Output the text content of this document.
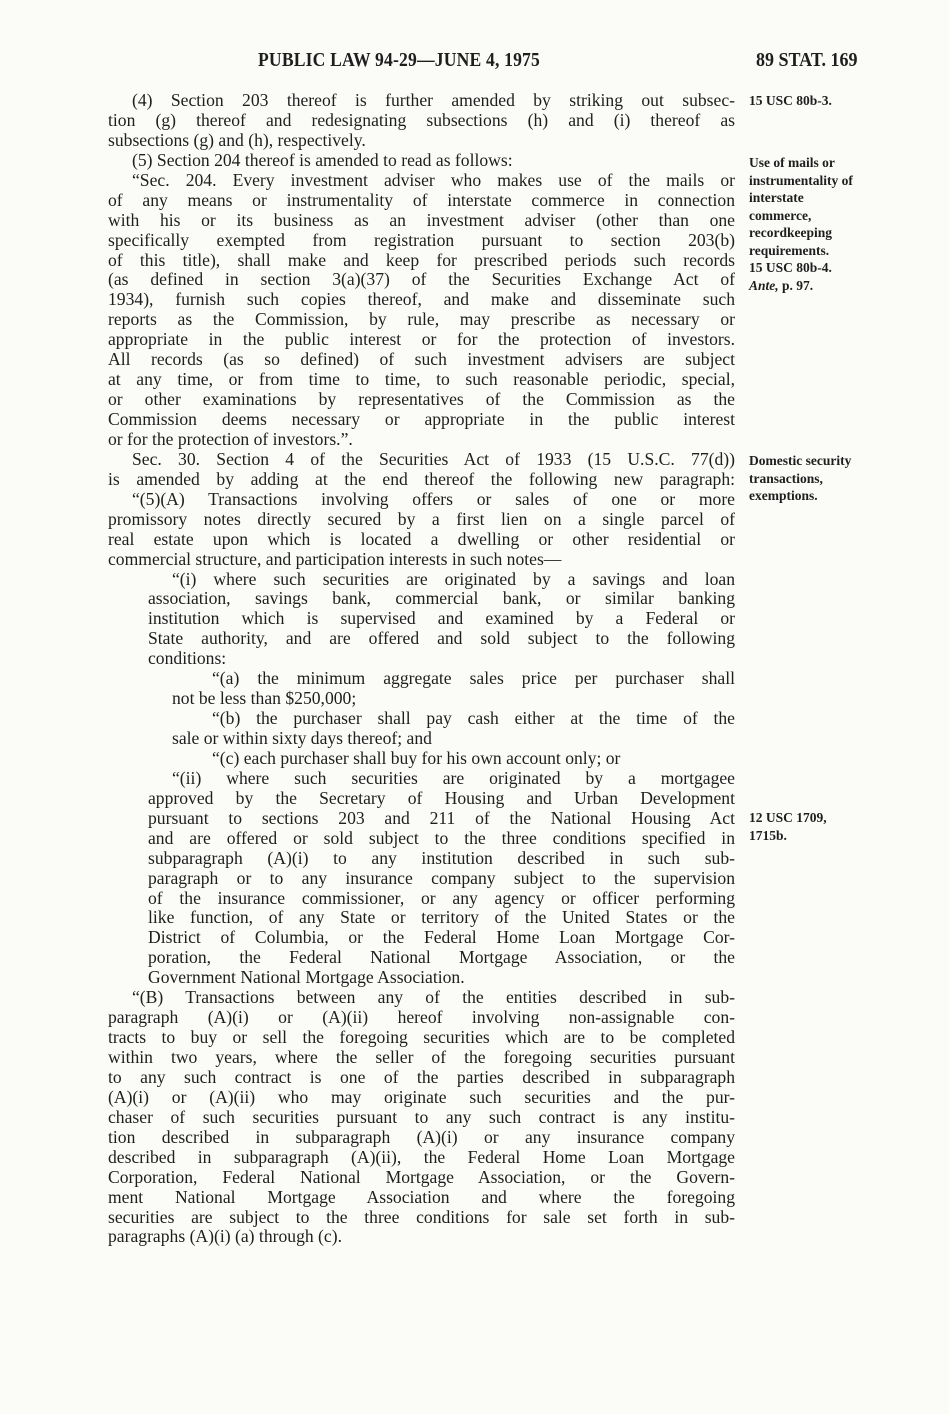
PUBLIC LAW 94-29—JUNE 4, 1975	89 STAT. 169
(4) Section 203 thereof is further amended by striking out subsec-
tion (g) thereof and redesignating subsections (h) and (i) thereof as
subsections (g) and (h), respectively.
(5) Section 204 thereof is amended to read as follows:
“Sec. 204. Every investment adviser who makes use of the mails or
of any means or instrumentality of interstate commerce in connection
with his or its business as an investment adviser (other than one
specifically exempted from registration pursuant to section 203(b)
of this title), shall make and keep for prescribed periods such records
(as defined in section 3(a)(37) of the Securities Exchange Act of
1934), furnish such copies thereof, and make and disseminate such
reports as the Commission, by rule, may prescribe as necessary or
appropriate in the public interest or for the protection of investors.
All records (as so defined) of such investment advisers are subject
at any time, or from time to time, to such reasonable periodic, special,
or other examinations by representatives of the Commission as the
Commission deems necessary or appropriate in the public interest
or for the protection of investors.”.
Sec. 30. Section 4 of the Securities Act of 1933 (15 U.S.C. 77(d))
is amended by adding at the end thereof the following new paragraph:
“(5)(A) Transactions involving offers or sales of one or more
promissory notes directly secured by a first lien on a single parcel of
real estate upon which is located a dwelling or other residential or
commercial structure, and participation interests in such notes—
“(i) where such securities are originated by a savings and loan
association, savings bank, commercial bank, or similar banking
institution which is supervised and examined by a Federal or
State authority, and are offered and sold subject to the following
conditions:
“(a) the minimum aggregate sales price per purchaser shall
not be less than $250,000;
“(b) the purchaser shall pay cash either at the time of the
sale or within sixty days thereof; and
“(c) each purchaser shall buy for his own account only; or
“(ii) where such securities are originated by a mortgagee
approved by the Secretary of Housing and Urban Development
pursuant to sections 203 and 211 of the National Housing Act
and are offered or sold subject to the three conditions specified in
subparagraph (A)(i) to any institution described in such sub-
paragraph or to any insurance company subject to the supervision
of the insurance commissioner, or any agency or officer performing
like function, of any State or territory of the United States or the
District of Columbia, or the Federal Home Loan Mortgage Cor-
poration, the Federal National Mortgage Association, or the
Government National Mortgage Association.
“(B) Transactions between any of the entities described in sub-
paragraph (A)(i) or (A)(ii) hereof involving non-assignable con-
tracts to buy or sell the foregoing securities which are to be completed
within two years, where the seller of the foregoing securities pursuant
to any such contract is one of the parties described in subparagraph
(A)(i) or (A)(ii) who may originate such securities and the pur-
chaser of such securities pursuant to any such contract is any institu-
tion described in subparagraph (A)(i) or any insurance company
described in subparagraph (A)(ii), the Federal Home Loan Mortgage
Corporation, Federal National Mortgage Association, or the Govern-
ment National Mortgage Association and where the foregoing
securities are subject to the three conditions for sale set forth in sub-
paragraphs (A)(i) (a) through (c).
15 USC 80b-3.
Use of mails or
instrumentality of
interstate
commerce,
recordkeeping
requirements.
15 USC 80b-4.
Ante, p. 97.
Domestic security
transactions,
exemptions.
12 USC 1709,
1715b.
